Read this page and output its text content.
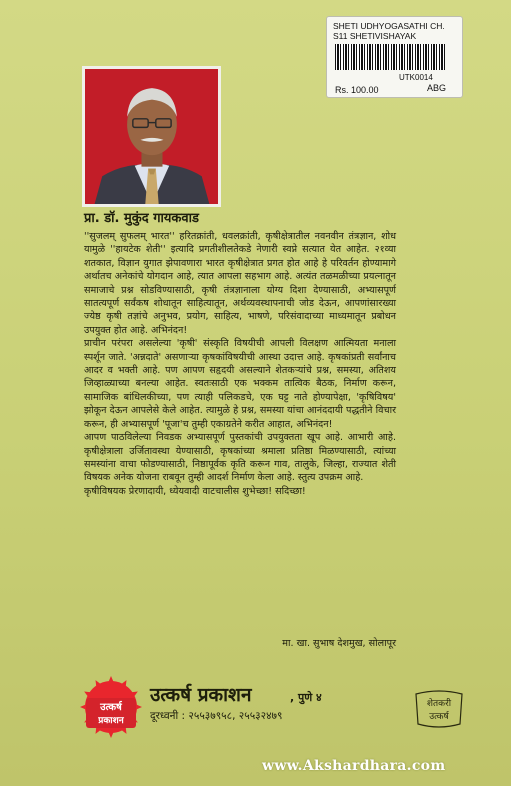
SHETI UDHYOGASATHI CH.
S11 SHETIVISHAYAK
UTK0014
Rs. 100.00	ABG
प्रा. डॉ. मुकुंद गायकवाड

''सुजलम् सुफलम् भारत'' हरितक्रांती, धवलक्रांती, कृषीक्षेत्रातील नवनवीन तंत्रज्ञान, शोध यामुळे ''हायटेक शेती'' इत्यादि प्रगतीशीलतेकडे नेणारी स्वप्ने सत्यात येत आहेत. २१व्या शतकात, विज्ञान युगात झेपावणारा भारत कृषीक्षेत्रात प्रगत होत आहे हे परिवर्तन होण्यामागे अर्थातच अनेकांचे योगदान आहे, त्यात आपला सहभाग आहे. अत्यंत तळमळीच्या प्रयत्नातून समाजाचे प्रश्न सोडविण्यासाठी, कृषी तंत्रज्ञानाला योग्य दिशा देण्यासाठी, अभ्यासपूर्ण सातत्यपूर्ण सर्वंकष शोधातून साहित्यातून, अर्थव्यवस्थापनाची जोड देऊन, आपणांसारख्या ज्येष्ठ कृषी तज्ञांचे अनुभव, प्रयोग, साहित्य, भाषणे, परिसंवादाच्या माध्यमातून प्रबोधन उपयुक्त होत आहे. अभिनंदन!

प्राचीन परंपरा असलेल्या 'कृषी' संस्कृति विषयीची आपली विलक्षण आत्मियता मनाला स्पर्शून जाते. 'अन्नदाते' असणाऱ्या कृषकांविषयीची आस्था उदात्त आहे. कृषकांप्रती सर्वांनाच आदर व भक्ती आहे. पण आपण सहृदयी असल्याने शेतकऱ्यांचे प्रश्न, समस्या, अतिशय जिव्हाळ्याच्या बनल्या आहेत. स्वतःसाठी एक भक्कम तात्विक बैठक, निर्माण करून, सामाजिक बांधिलकीच्या, पण त्याही पलिकडचे, एक घट्ट नाते होण्यापेक्षा, 'कृषिविषय' झोकून देऊन आपलेसे केले आहेत. त्यामुळे हे प्रश्न, समस्या यांचा आनंददायी पद्धतीने विचार करून, ही अभ्यासपूर्ण 'पूजा'च तुम्ही एकाग्रतेने करीत आहात, अभिनंदन!

आपण पाठविलेल्या निवडक अभ्यासपूर्ण पुस्तकांची उपयुक्तता खूप आहे. आभारी आहे. कृषीक्षेत्राला उर्जितावस्था येण्यासाठी, कृषकांच्या श्रमाला प्रतिष्ठा मिळण्यासाठी, त्यांच्या समस्यांना वाचा फोडण्यासाठी, निष्ठापूर्वक कृति करून गाव, तालुके, जिल्हा, राज्यात शेती विषयक अनेक योजना राबवून तुम्ही आदर्श निर्माण केला आहे. स्तुत्य उपक्रम आहे.

कृषीविषयक प्रेरणादायी, ध्येयवादी वाटचालीस शुभेच्छा! सदिच्छा!

मा. खा. सुभाष देशमुख, सोलापूर
उत्कर्ष
प्रकाशन
उत्कर्ष प्रकाशन	, पुणे ४
दूरध्वनी : २५५३७९५८, २५५३२४७९
शेतकरी
उत्कर्ष
www.Akshardhara.com
